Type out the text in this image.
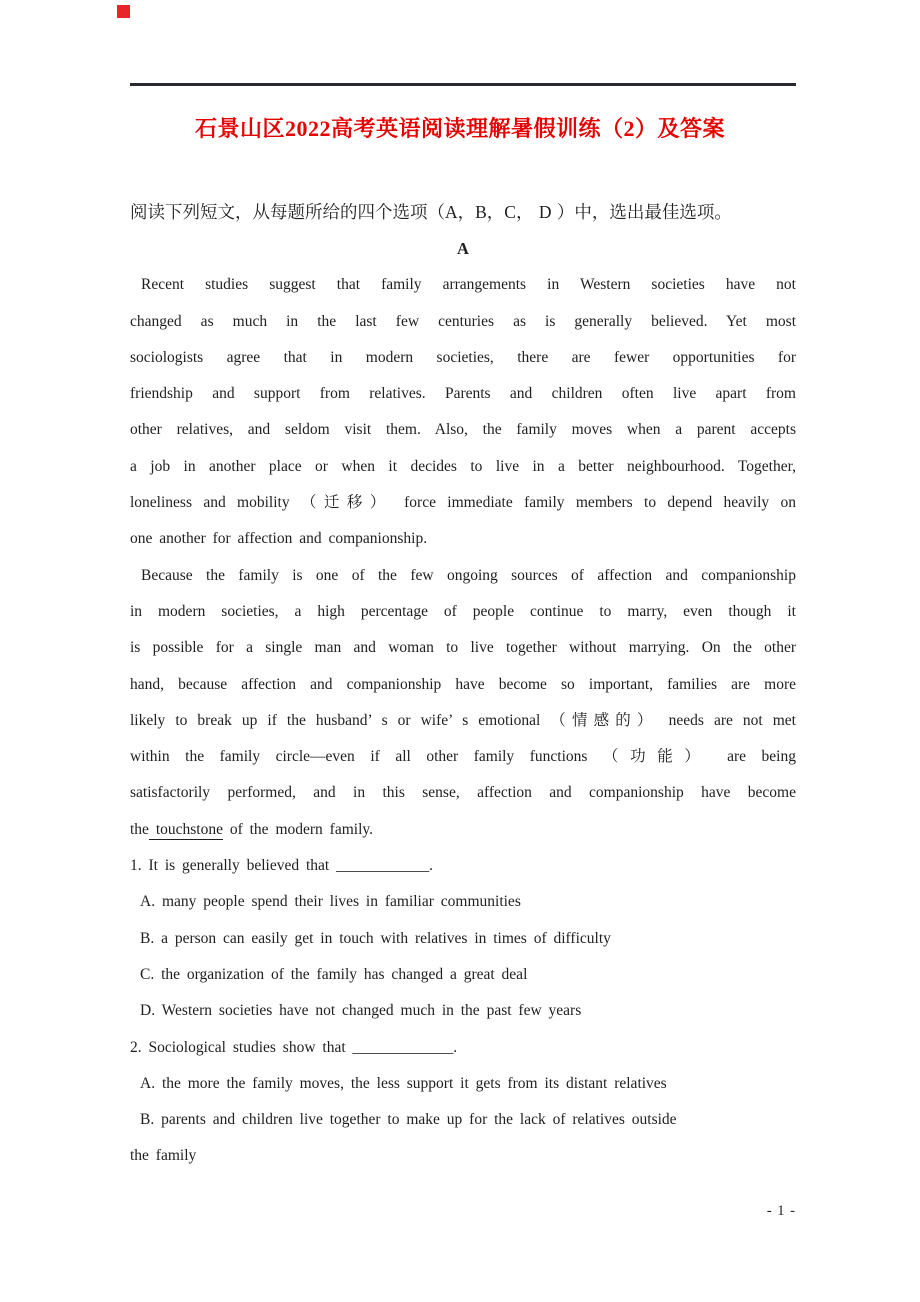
石景山区2022高考英语阅读理解暑假训练（2）及答案

阅读下列短文，从每题所给的四个选项（A，B，C， D ）中，选出最佳选项。

A
Recent studies suggest that family arrangements in Western societies have not
changed as much in the last few centuries as is generally believed. Yet most
sociologists agree that in modern societies, there are fewer opportunities for
friendship and support from relatives. Parents and children often live apart from
other relatives, and seldom visit them. Also, the family moves when a parent accepts
a job in another place or when it decides to live in a better neighbourhood. Together,
loneliness and mobility （迁移） force immediate family members to depend heavily on
one another for affection and companionship.
Because the family is one of the few ongoing sources of affection and companionship
in modern societies, a high percentage of people continue to marry, even though it
is possible for a single man and woman to live together without marrying. On the other
hand, because affection and companionship have become so important, families are more
likely to break up if the husband’ s or wife’ s emotional （情感的） needs are not met
within the family circle—even if all other family functions （功能） are being
satisfactorily performed, and in this sense, affection and companionship have become
the touchstone of the modern family.
1. It is generally believed that ____________.
A. many people spend their lives in familiar communities
B. a person can easily get in touch with relatives in times of difficulty
C. the organization of the family has changed a great deal
D. Western societies have not changed much in the past few years
2. Sociological studies show that _____________.
A. the more the family moves, the less support it gets from its distant relatives
B. parents and children live together to make up for the lack of relatives outside
the family
- 1 -
